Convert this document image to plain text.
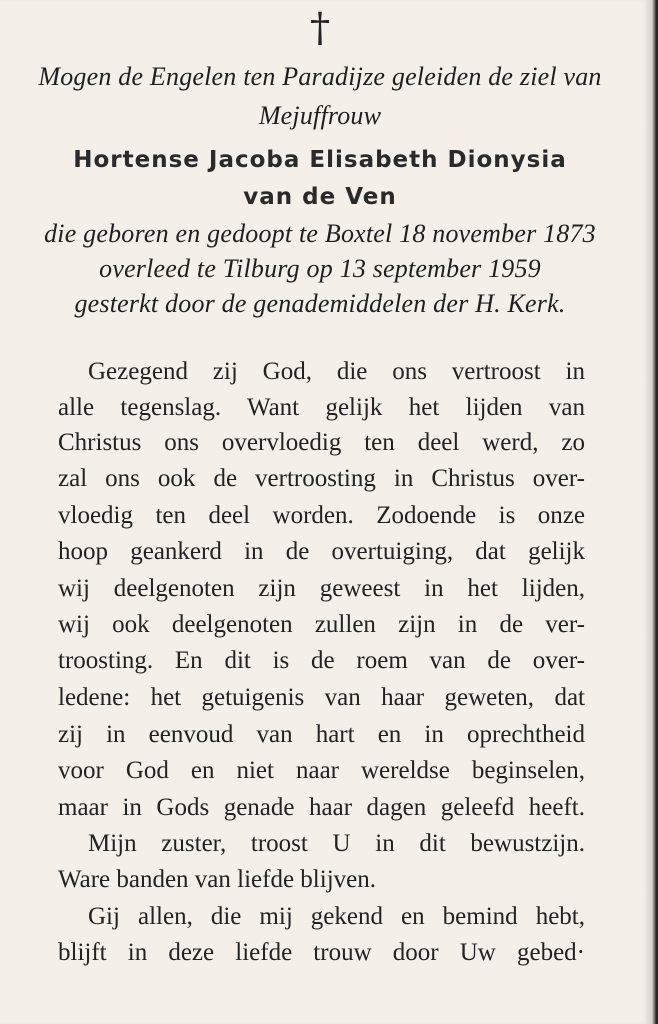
†
Mogen de Engelen ten Paradijze geleiden de ziel van
Mejuffrouw
Hortense Jacoba Elisabeth Dionysia
van de Ven
die geboren en gedoopt te Boxtel 18 november 1873
overleed te Tilburg op 13 september 1959
gesterkt door de genademiddelen der H. Kerk.
Gezegend zij God, die ons vertroost in
alle tegenslag. Want gelijk het lijden van
Christus ons overvloedig ten deel werd, zo
zal ons ook de vertroosting in Christus over-
vloedig ten deel worden. Zodoende is onze
hoop geankerd in de overtuiging, dat gelijk
wij deelgenoten zijn geweest in het lijden,
wij ook deelgenoten zullen zijn in de ver-
troosting. En dit is de roem van de over-
ledene: het getuigenis van haar geweten, dat
zij in eenvoud van hart en in oprechtheid
voor God en niet naar wereldse beginselen,
maar in Gods genade haar dagen geleefd heeft.
Mijn zuster, troost U in dit bewustzijn.
Ware banden van liefde blijven.
Gij allen, die mij gekend en bemind hebt,
blijft in deze liefde trouw door Uw gebed·
